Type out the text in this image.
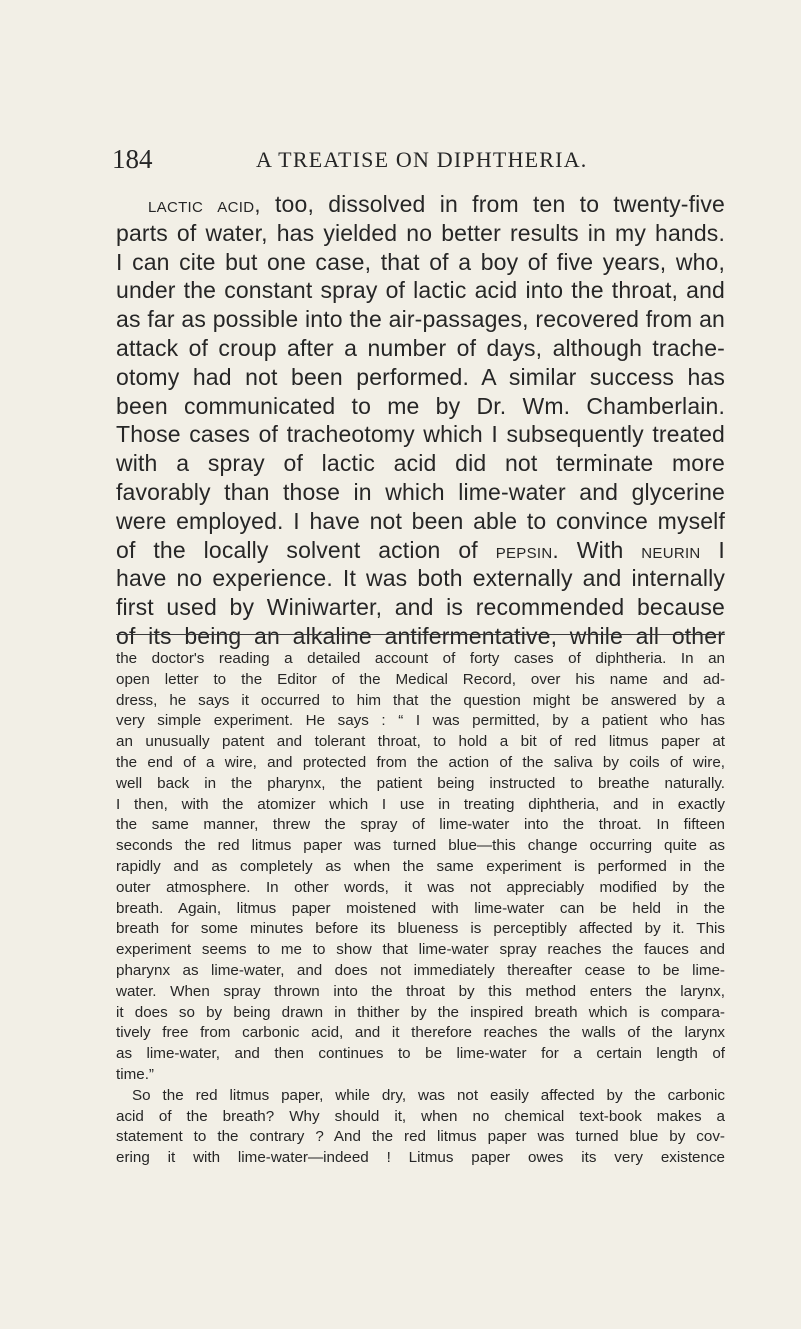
184	A TREATISE ON DIPHTHERIA.
lactic acid, too, dissolved in from ten to twenty-five
parts of water, has yielded no better results in my hands.
I can cite but one case, that of a boy of five years, who,
under the constant spray of lactic acid into the throat, and
as far as possible into the air-passages, recovered from an
attack of croup after a number of days, although trache-
otomy had not been performed. A similar success has
been communicated to me by Dr. Wm. Chamberlain.
Those cases of tracheotomy which I subsequently treated
with a spray of lactic acid did not terminate more
favorably than those in which lime-water and glycerine
were employed. I have not been able to convince myself
of the locally solvent action of pepsin. With neurin I
have no experience. It was both externally and internally
first used by Winiwarter, and is recommended because
of its being an alkaline antifermentative, while all other
the doctor's reading a detailed account of forty cases of diphtheria. In an
open letter to the Editor of the Medical Record, over his name and ad-
dress, he says it occurred to him that the question might be answered by a
very simple experiment. He says : “ I was permitted, by a patient who has
an unusually patent and tolerant throat, to hold a bit of red litmus paper at
the end of a wire, and protected from the action of the saliva by coils of wire,
well back in the pharynx, the patient being instructed to breathe naturally.
I then, with the atomizer which I use in treating diphtheria, and in exactly
the same manner, threw the spray of lime-water into the throat. In fifteen
seconds the red litmus paper was turned blue—this change occurring quite as
rapidly and as completely as when the same experiment is performed in the
outer atmosphere. In other words, it was not appreciably modified by the
breath. Again, litmus paper moistened with lime-water can be held in the
breath for some minutes before its blueness is perceptibly affected by it. This
experiment seems to me to show that lime-water spray reaches the fauces and
pharynx as lime-water, and does not immediately thereafter cease to be lime-
water. When spray thrown into the throat by this method enters the larynx,
it does so by being drawn in thither by the inspired breath which is compara-
tively free from carbonic acid, and it therefore reaches the walls of the larynx
as lime-water, and then continues to be lime-water for a certain length of
time.”
So the red litmus paper, while dry, was not easily affected by the carbonic
acid of the breath? Why should it, when no chemical text-book makes a
statement to the contrary ? And the red litmus paper was turned blue by cov-
ering it with lime-water—indeed ! Litmus paper owes its very existence
